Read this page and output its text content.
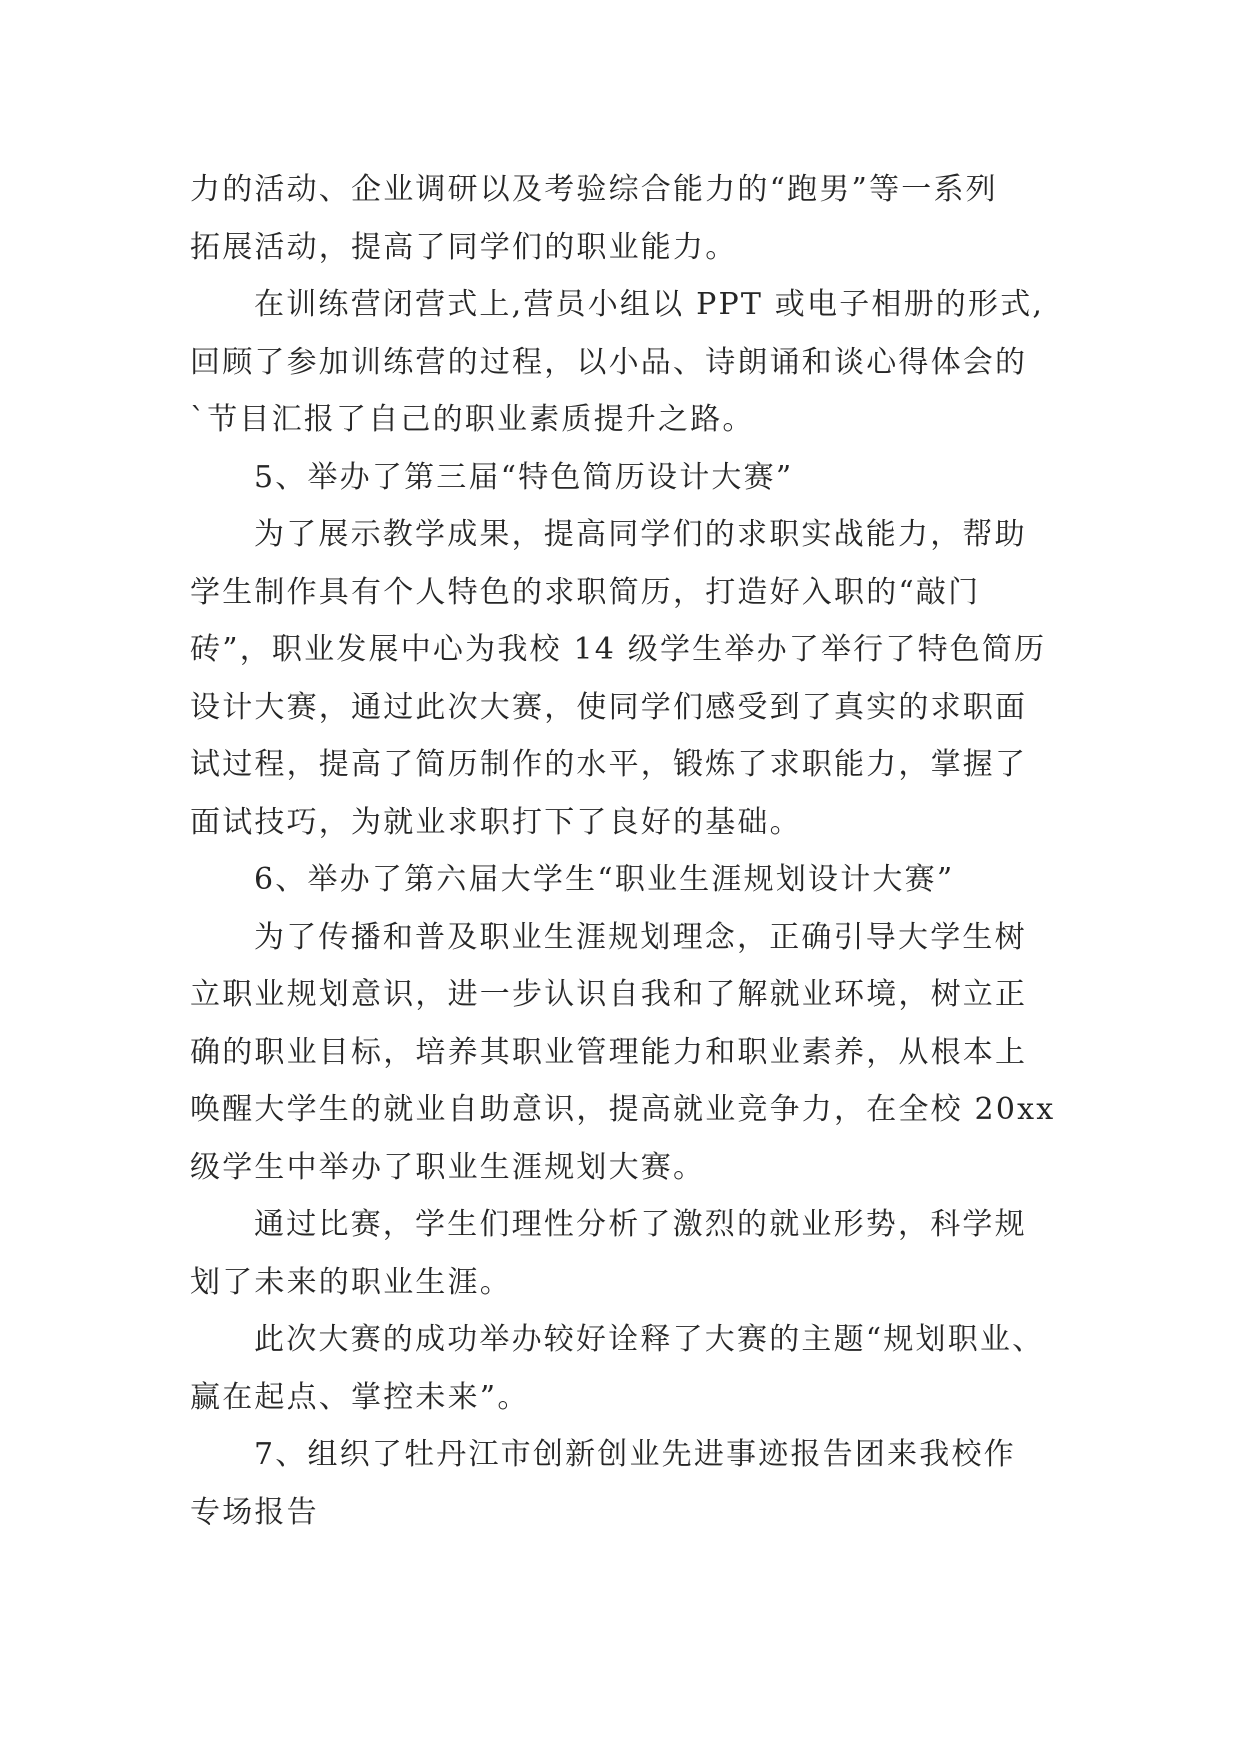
力的活动、企业调研以及考验综合能力的“跑男”等一系列
拓展活动，提高了同学们的职业能力。
在训练营闭营式上,营员小组以 PPT 或电子相册的形式,
回顾了参加训练营的过程，以小品、诗朗诵和谈心得体会的
`节目汇报了自己的职业素质提升之路。
5、举办了第三届“特色简历设计大赛”
为了展示教学成果，提高同学们的求职实战能力，帮助
学生制作具有个人特色的求职简历，打造好入职的“敲门
砖”，职业发展中心为我校 14 级学生举办了举行了特色简历
设计大赛，通过此次大赛，使同学们感受到了真实的求职面
试过程，提高了简历制作的水平，锻炼了求职能力，掌握了
面试技巧，为就业求职打下了良好的基础。
6、举办了第六届大学生“职业生涯规划设计大赛”
为了传播和普及职业生涯规划理念，正确引导大学生树
立职业规划意识，进一步认识自我和了解就业环境，树立正
确的职业目标，培养其职业管理能力和职业素养，从根本上
唤醒大学生的就业自助意识，提高就业竞争力，在全校 20xx
级学生中举办了职业生涯规划大赛。
通过比赛，学生们理性分析了激烈的就业形势，科学规
划了未来的职业生涯。
此次大赛的成功举办较好诠释了大赛的主题“规划职业、
赢在起点、掌控未来”。
7、组织了牡丹江市创新创业先进事迹报告团来我校作
专场报告
